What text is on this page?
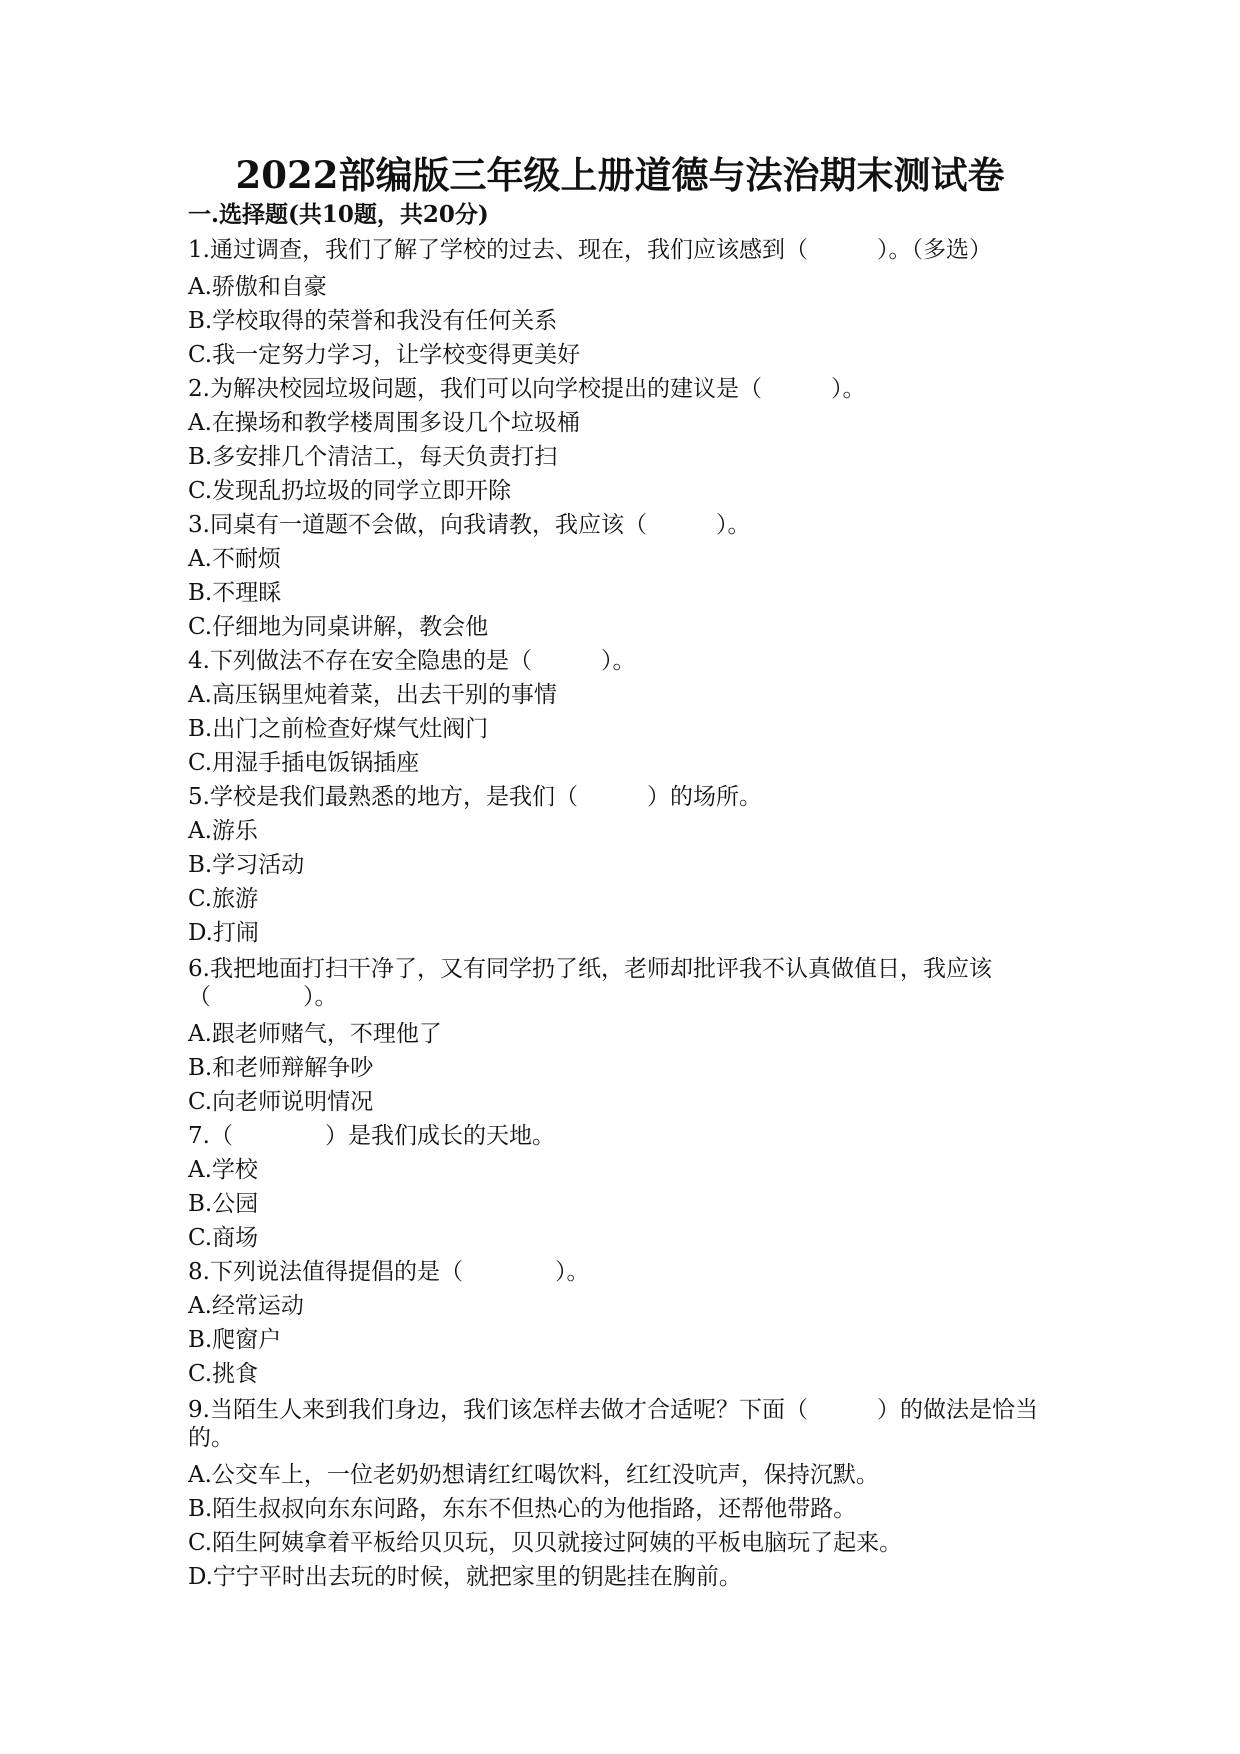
2022部编版三年级上册道德与法治期末测试卷
一.选择题(共10题，共20分)
1.通过调查，我们了解了学校的过去、现在，我们应该感到（　　　）。（多选）
A.骄傲和自豪
B.学校取得的荣誉和我没有任何关系
C.我一定努力学习，让学校变得更美好
2.为解决校园垃圾问题，我们可以向学校提出的建议是（　　　）。
A.在操场和教学楼周围多设几个垃圾桶
B.多安排几个清洁工，每天负责打扫
C.发现乱扔垃圾的同学立即开除
3.同桌有一道题不会做，向我请教，我应该（　　　）。
A.不耐烦
B.不理睬
C.仔细地为同桌讲解，教会他
4.下列做法不存在安全隐患的是（　　　）。
A.高压锅里炖着菜，出去干别的事情
B.出门之前检查好煤气灶阀门
C.用湿手插电饭锅插座
5.学校是我们最熟悉的地方，是我们（　　　）的场所。
A.游乐
B.学习活动
C.旅游
D.打闹
6.我把地面打扫干净了，又有同学扔了纸，老师却批评我不认真做值日，我应该（　　　　）。
A.跟老师赌气，不理他了
B.和老师辩解争吵
C.向老师说明情况
7.（　　　　）是我们成长的天地。
A.学校
B.公园
C.商场
8.下列说法值得提倡的是（　　　　）。
A.经常运动
B.爬窗户
C.挑食
9.当陌生人来到我们身边，我们该怎样去做才合适呢？下面（　　　）的做法是恰当的。
A.公交车上，一位老奶奶想请红红喝饮料，红红没吭声，保持沉默。
B.陌生叔叔向东东问路，东东不但热心的为他指路，还帮他带路。
C.陌生阿姨拿着平板给贝贝玩，贝贝就接过阿姨的平板电脑玩了起来。
D.宁宁平时出去玩的时候，就把家里的钥匙挂在胸前。
